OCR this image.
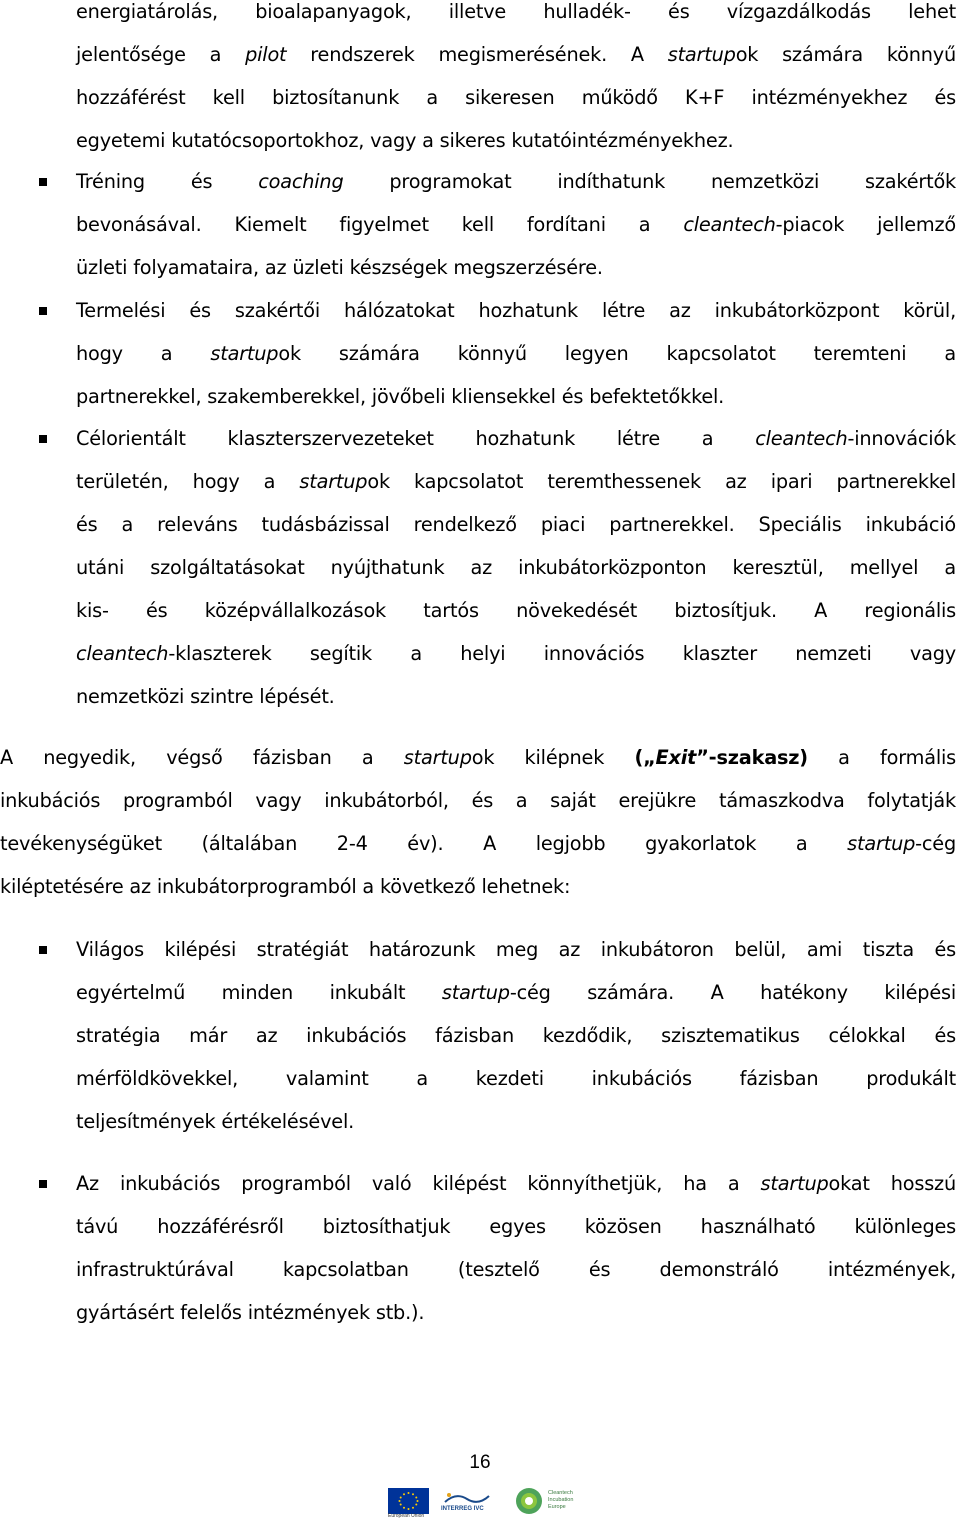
energiatárolás, bioalapanyagok, illetve hulladék- és vízgazdálkodás lehet
jelentősége a pilot rendszerek megismerésének. A startupok számára könnyű
hozzáférést kell biztosítanunk a sikeresen működő K+F intézményekhez és
egyetemi kutatócsoportokhoz, vagy a sikeres kutatóintézményekhez.
Tréning és coaching programokat indíthatunk nemzetközi szakértők
bevonásával. Kiemelt figyelmet kell fordítani a cleantech-piacok jellemző
üzleti folyamataira, az üzleti készségek megszerzésére.
Termelési és szakértői hálózatokat hozhatunk létre az inkubátorközpont körül,
hogy a startupok számára könnyű legyen kapcsolatot teremteni a
partnerekkel, szakemberekkel, jövőbeli kliensekkel és befektetőkkel.
Célorientált klaszterszervezeteket hozhatunk létre a cleantech-innovációk
területén, hogy a startupok kapcsolatot teremthessenek az ipari partnerekkel
és a releváns tudásbázissal rendelkező piaci partnerekkel. Speciális inkubáció
utáni szolgáltatásokat nyújthatunk az inkubátorközponton keresztül, mellyel a
kis- és középvállalkozások tartós növekedését biztosítjuk. A regionális
cleantech-klaszterek segítik a helyi innovációs klaszter nemzeti vagy
nemzetközi szintre lépését.
A negyedik, végső fázisban a startupok kilépnek („Exit”-szakasz) a formális
inkubációs programból vagy inkubátorból, és a saját erejükre támaszkodva folytatják
tevékenységüket (általában 2-4 év). A legjobb gyakorlatok a startup-cég
kiléptetésére az inkubátorprogramból a következő lehetnek:
Világos kilépési stratégiát határozunk meg az inkubátoron belül, ami tiszta és
egyértelmű minden inkubált startup-cég számára. A hatékony kilépési
stratégia már az inkubációs fázisban kezdődik, szisztematikus célokkal és
mérföldkövekkel, valamint a kezdeti inkubációs fázisban produkált
teljesítmények értékelésével.
Az inkubációs programból való kilépést könnyíthetjük, ha a startupokat hosszú
távú hozzáférésről biztosíthatjuk egyes közösen használható különleges
infrastruktúrával kapcsolatban (tesztelő és demonstráló intézmények,
gyártásért felelős intézmények stb.).
16
European Union
INTERREG IVC
Cleantech
Incubation
Europe
